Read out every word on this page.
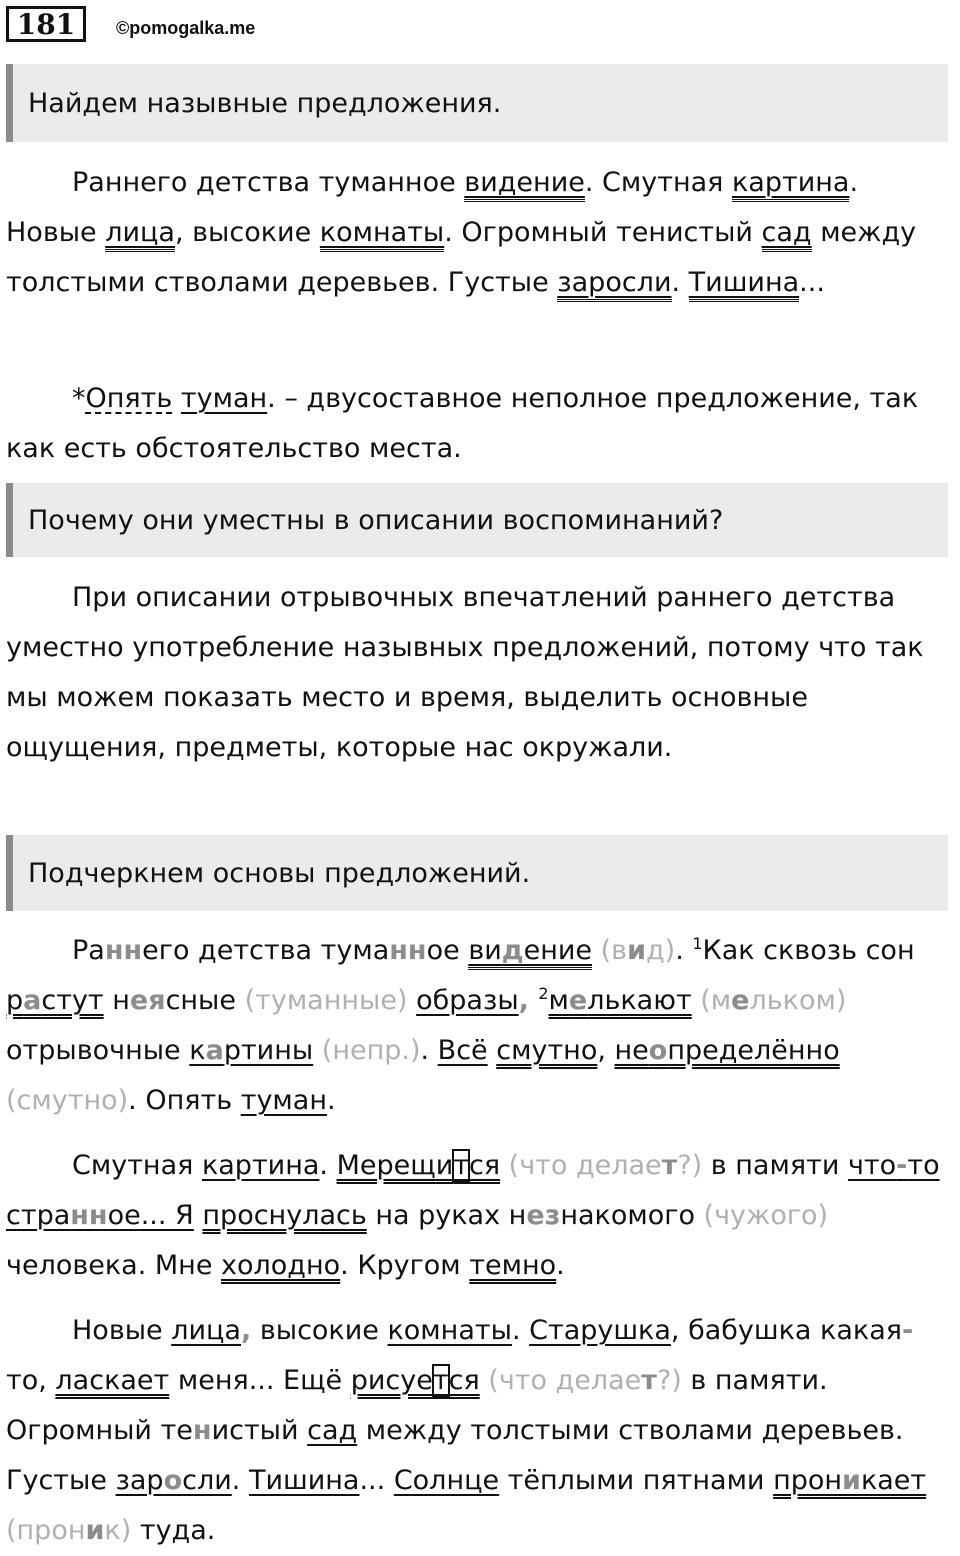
181	©pomogalka.me
Найдем назывные предложения.

Раннего детства туманное видение. Смутная картина. Новые лица, высокие комнаты. Огромный тенистый сад между толстыми стволами деревьев. Густые заросли. Тишина...

*Опять туман. – двусоставное неполное предложение, так как есть обстоятельство места.

Почему они уместны в описании воспоминаний?

При описании отрывочных впечатлений раннего детства уместно употребление назывных предложений, потому что так мы можем показать место и время, выделить основные ощущения, предметы, которые нас окружали.

Подчеркнем основы предложений.

Раннего детства туманное видение (вид). $^1$Как сквозь сон растут неясные (туманные) образы, $^2$мелькают (мельком) отрывочные картины (непр.). Всё смутно, неопределённо (смутно). Опять туман.

Смутная картина. Мерещится (что делает?) в памяти что-то странное... Я проснулась на руках незнакомого (чужого) человека. Мне холодно. Кругом темно.

Новые лица, высокие комнаты. Старушка, бабушка какая-то, ласкает меня... Ещё рисуется (что делает?) в памяти. Огромный тенистый сад между толстыми стволами деревьев. Густые заросли. Тишина... Солнце тёплыми пятнами проникает (проник) туда.
